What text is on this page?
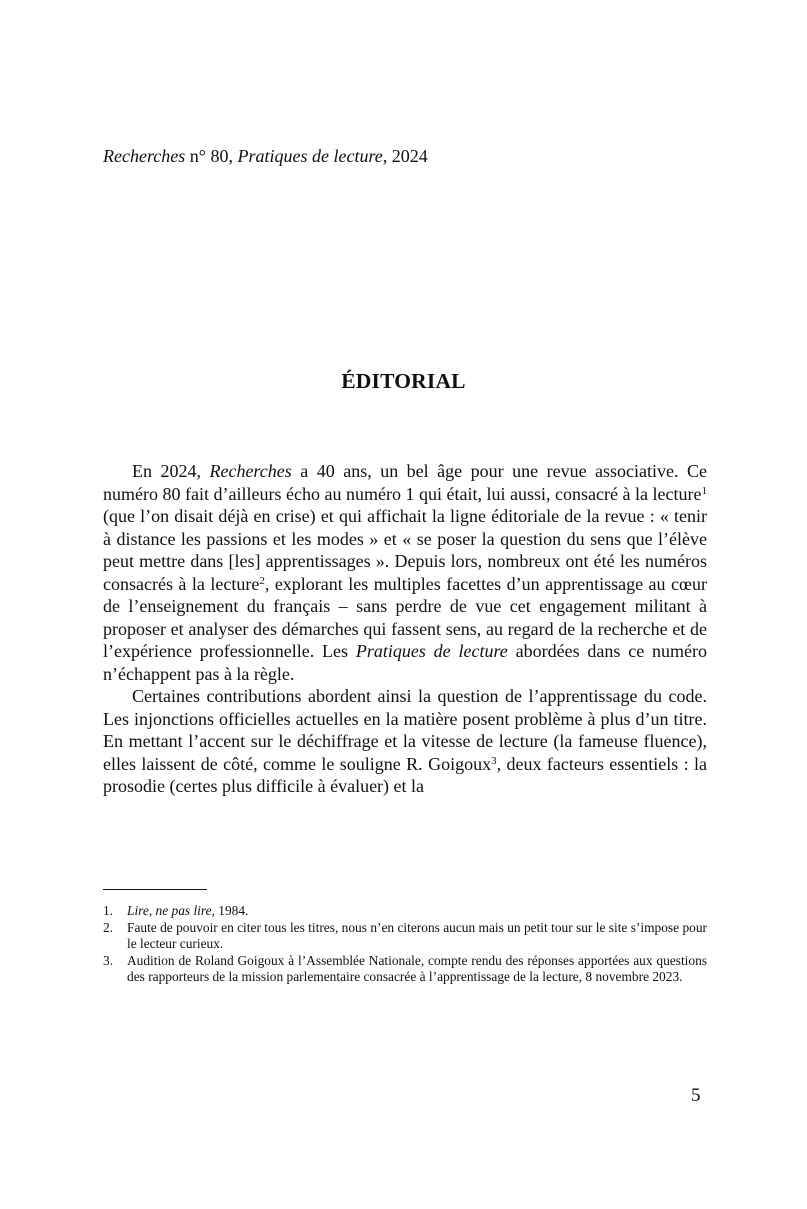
Recherches n° 80, Pratiques de lecture, 2024
ÉDITORIAL

En 2024, Recherches a 40 ans, un bel âge pour une revue associative. Ce numéro 80 fait d’ailleurs écho au numéro 1 qui était, lui aussi, consacré à la lecture$^1$ (que l’on disait déjà en crise) et qui affichait la ligne éditoriale de la revue : « tenir à distance les passions et les modes » et « se poser la question du sens que l’élève peut mettre dans [les] apprentissages ». Depuis lors, nombreux ont été les numéros consacrés à la lecture$^2$, explorant les multiples facettes d’un apprentissage au cœur de l’enseignement du français – sans perdre de vue cet engagement militant à proposer et analyser des démarches qui fassent sens, au regard de la recherche et de l’expérience professionnelle. Les Pratiques de lecture abordées dans ce numéro n’échappent pas à la règle.

Certaines contributions abordent ainsi la question de l’apprentissage du code. Les injonctions officielles actuelles en la matière posent problème à plus d’un titre. En mettant l’accent sur le déchiffrage et la vitesse de lecture (la fameuse fluence), elles laissent de côté, comme le souligne R. Goigoux$^3$, deux facteurs essentiels : la prosodie (certes plus difficile à évaluer) et la

1.	Lire, ne pas lire, 1984.
2.	Faute de pouvoir en citer tous les titres, nous n’en citerons aucun mais un petit tour sur le site s’impose pour le lecteur curieux.
3.	Audition de Roland Goigoux à l’Assemblée Nationale, compte rendu des réponses apportées aux questions des rapporteurs de la mission parlementaire consacrée à l’apprentissage de la lecture, 8 novembre 2023.
5
